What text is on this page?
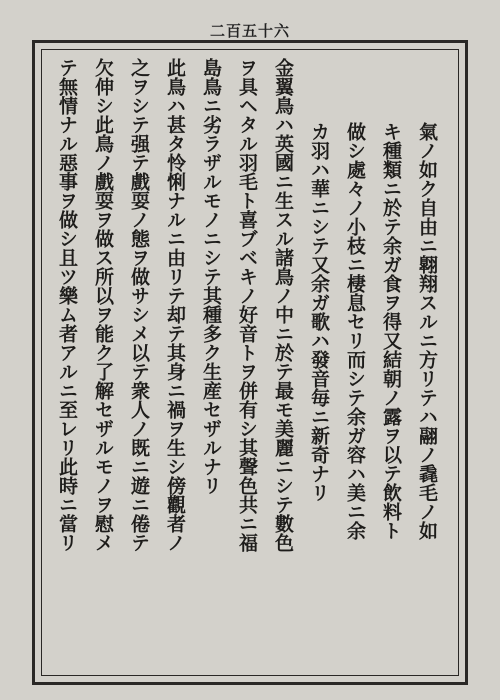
二百五十六
氣ノ如ク自由ニ翺翔スルニ方リテハ翮ノ毳毛ノ如
キ種類ニ於テ余ガ食ヲ得又結朝ノ露ヲ以テ飲料ト
做シ處々ノ小枝ニ棲息セリ而シテ余ガ容ハ美ニ余
カ羽ハ華ニシテ又余ガ歌ハ發音毎ニ新奇ナリ
金翼鳥ハ英國ニ生スル諸鳥ノ中ニ於テ最モ美麗ニシテ數色
ヲ具ヘタル羽毛ト喜ブベキノ好音トヲ併有シ其聲色共ニ福
島鳥ニ劣ラザルモノニシテ其種多ク生産セザルナリ
此鳥ハ甚タ怜悧ナルニ由リテ却テ其身ニ禍ヲ生シ傍觀者ノ
之ヲシテ强テ戲耍ノ態ヲ做サシメ以テ衆人ノ既ニ遊ニ倦テ
欠伸シ此鳥ノ戲耍ヲ做ス所以ヲ能ク了解セザルモノヲ慰メ
テ無情ナル惡事ヲ做シ且ツ樂ム者アルニ至レリ此時ニ當リ
